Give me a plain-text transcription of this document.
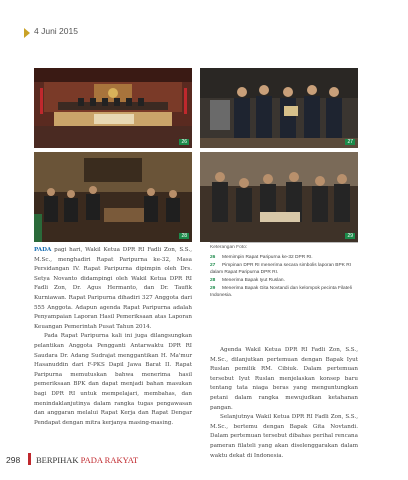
4 Juni 2015
26	27
28	29

PADA pagi hari, Wakil Ketua DPR RI Fadli Zon, S.S., M.Sc., menghadiri Rapat Paripurna ke-32, Masa Persidangan IV. Rapat Paripurna dipimpin oleh Drs. Setya Novanto didampingi oleh Wakil Ketua DPR RI Fadli Zon, Dr. Agus Hermanto, dan Dr. Taufik Kurniawan. Rapat Paripurna dihadiri 327 Anggota dari 555 Anggota. Adapun agenda Rapat Paripurna adalah Penyampaian Laporan Hasil Pemeriksaan atas Laporan Keuangan Pemerintah Pusat Tahun 2014.

Pada Rapat Paripurna kali ini juga dilangsungkan pelantikan Anggota Pengganti Antarwaktu DPR RI Saudara Dr. Adang Sudrajat menggantikan H. Ma'mur Hasanuddin dari F-PKS Dapil Jawa Barat II. Rapat Paripurna memutuskan bahwa menerima hasil pemeriksaan BPK dan dapat menjadi bahan masukan bagi DPR RI untuk mempelajari, membahas, dan menindaklanjutinya dalam rangka tugas pengawasan dan anggaran melalui Rapat Kerja dan Rapat Dengar Pendapat dengan mitra kerjanya masing-masing.

Keterangan Foto:
26 Memimpin Rapat Paripurna ke-32 DPR RI.
27 Pimpinan DPR RI menerima secara simbolis laporan BPK RI dalam Rapat Paripurna DPR RI.
28 Menerima Bapak Iyut Ruslan.
29 Menerima Bapak Gita Novtandi dan kelompok pecinta Filateli Indonesia.

Agenda Wakil Ketua DPR RI Fadli Zon, S.S., M.Sc., dilanjutkan pertemuan dengan Bapak Iyut Ruslan pemilik RM. Cibiuk. Dalam pertemuan tersebut Iyut Ruslan menjelaskan konsep baru tentang tata niaga beras yang menguntungkan petani dalam rangka mewujudkan ketahanan pangan.

Selanjutnya Wakil Ketua DPR RI Fadli Zon, S.S., M.Sc., bertemu dengan Bapak Gita Novtandi. Dalam pertemuan tersebut dibahas perihal rencana pameran filateli yang akan diselenggarakan dalam waktu dekat di Indonesia.

298 BERPIHAK PADA RAKYAT
